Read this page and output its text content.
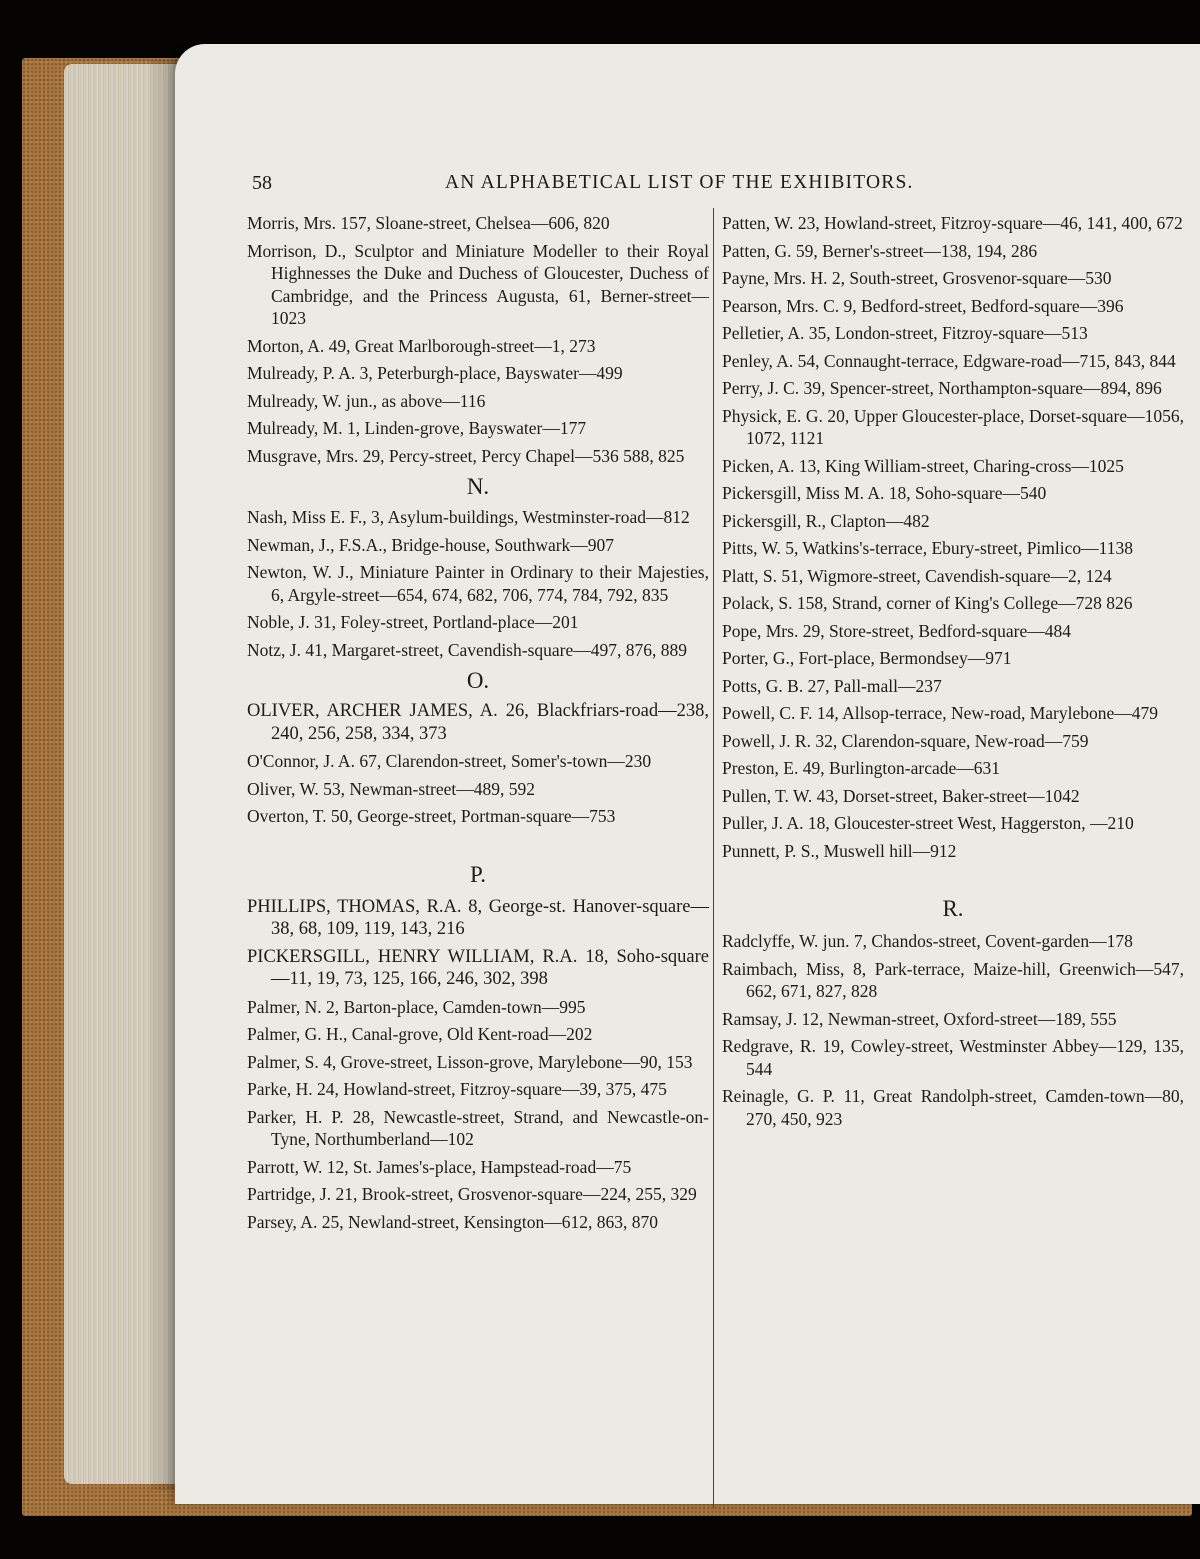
58	AN ALPHABETICAL LIST OF THE EXHIBITORS.
Morris, Mrs. 157, Sloane-street, Chelsea—606, 820
Morrison, D., Sculptor and Miniature Modeller to their Royal Highnesses the Duke and Duchess of Gloucester, Duchess of Cambridge, and the Princess Augusta, 61, Berner-street—1023
Morton, A. 49, Great Marlborough-street—1, 273
Mulready, P. A. 3, Peterburgh-place, Bayswater—499
Mulready, W. jun., as above—116
Mulready, M. 1, Linden-grove, Bayswater—177
Musgrave, Mrs. 29, Percy-street, Percy Chapel—536 588, 825
N.
Nash, Miss E. F., 3, Asylum-buildings, Westminster-road—812
Newman, J., F.S.A., Bridge-house, Southwark—907
Newton, W. J., Miniature Painter in Ordinary to their Majesties, 6, Argyle-street—654, 674, 682, 706, 774, 784, 792, 835
Noble, J. 31, Foley-street, Portland-place—201
Notz, J. 41, Margaret-street, Cavendish-square—497, 876, 889
O.
OLIVER, ARCHER JAMES, A. 26, Blackfriars-road—238, 240, 256, 258, 334, 373
O'Connor, J. A. 67, Clarendon-street, Somer's-town—230
Oliver, W. 53, Newman-street—489, 592
Overton, T. 50, George-street, Portman-square—753
P.
PHILLIPS, THOMAS, R.A. 8, George-st. Hanover-square—38, 68, 109, 119, 143, 216
PICKERSGILL, HENRY WILLIAM, R.A. 18, Soho-square—11, 19, 73, 125, 166, 246, 302, 398
Palmer, N. 2, Barton-place, Camden-town—995
Palmer, G. H., Canal-grove, Old Kent-road—202
Palmer, S. 4, Grove-street, Lisson-grove, Marylebone—90, 153
Parke, H. 24, Howland-street, Fitzroy-square—39, 375, 475
Parker, H. P. 28, Newcastle-street, Strand, and Newcastle-on-Tyne, Northumberland—102
Parrott, W. 12, St. James's-place, Hampstead-road—75
Partridge, J. 21, Brook-street, Grosvenor-square—224, 255, 329
Parsey, A. 25, Newland-street, Kensington—612, 863, 870
Patten, W. 23, Howland-street, Fitzroy-square—46, 141, 400, 672
Patten, G. 59, Berner's-street—138, 194, 286
Payne, Mrs. H. 2, South-street, Grosvenor-square—530
Pearson, Mrs. C. 9, Bedford-street, Bedford-square—396
Pelletier, A. 35, London-street, Fitzroy-square—513
Penley, A. 54, Connaught-terrace, Edgware-road—715, 843, 844
Perry, J. C. 39, Spencer-street, Northampton-square—894, 896
Physick, E. G. 20, Upper Gloucester-place, Dorset-square—1056, 1072, 1121
Picken, A. 13, King William-street, Charing-cross—1025
Pickersgill, Miss M. A. 18, Soho-square—540
Pickersgill, R., Clapton—482
Pitts, W. 5, Watkins's-terrace, Ebury-street, Pimlico—1138
Platt, S. 51, Wigmore-street, Cavendish-square—2, 124
Polack, S. 158, Strand, corner of King's College—728 826
Pope, Mrs. 29, Store-street, Bedford-square—484
Porter, G., Fort-place, Bermondsey—971
Potts, G. B. 27, Pall-mall—237
Powell, C. F. 14, Allsop-terrace, New-road, Marylebone—479
Powell, J. R. 32, Clarendon-square, New-road—759
Preston, E. 49, Burlington-arcade—631
Pullen, T. W. 43, Dorset-street, Baker-street—1042
Puller, J. A. 18, Gloucester-street West, Haggerston, —210
Punnett, P. S., Muswell hill—912
R.
Radclyffe, W. jun. 7, Chandos-street, Covent-garden—178
Raimbach, Miss, 8, Park-terrace, Maize-hill, Greenwich—547, 662, 671, 827, 828
Ramsay, J. 12, Newman-street, Oxford-street—189, 555
Redgrave, R. 19, Cowley-street, Westminster Abbey—129, 135, 544
Reinagle, G. P. 11, Great Randolph-street, Camden-town—80, 270, 450, 923
